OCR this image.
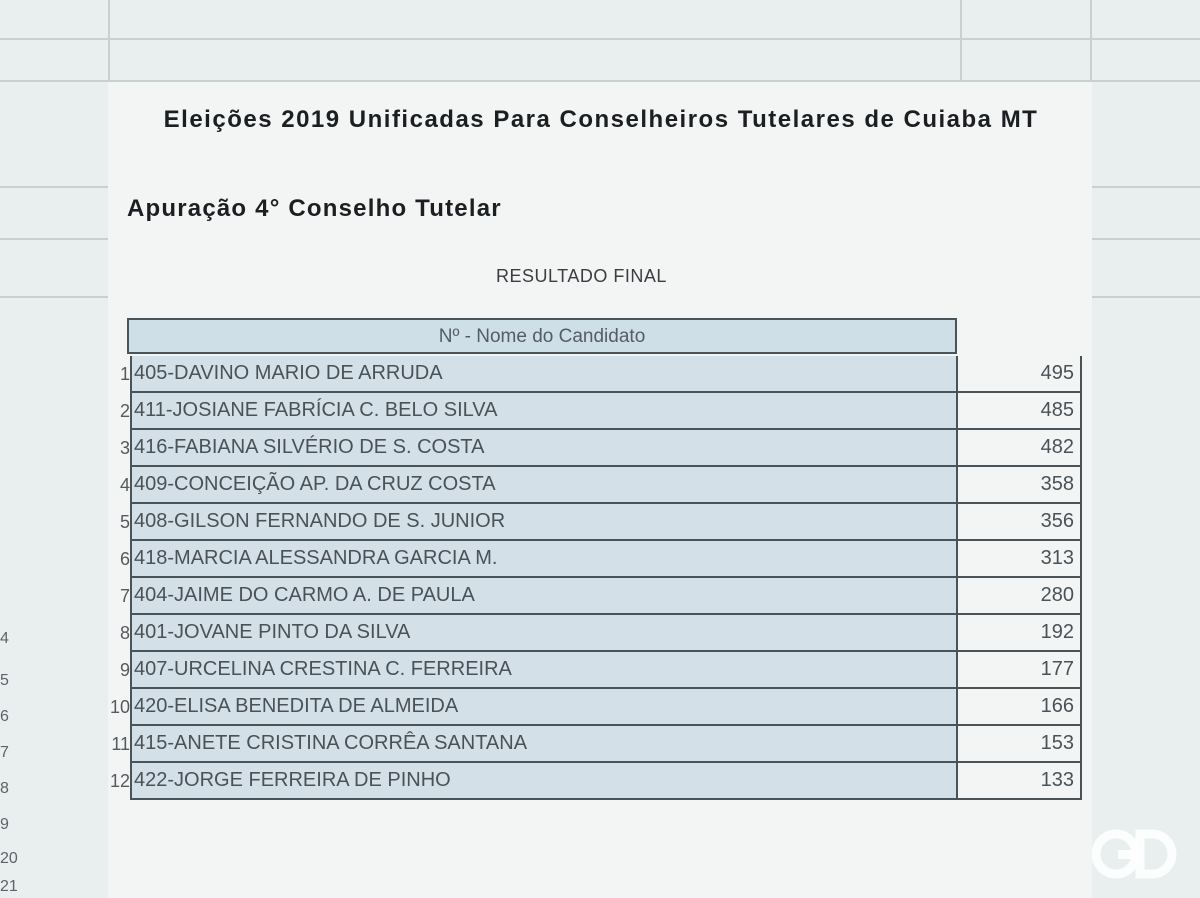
Eleições 2019 Unificadas Para Conselheiros Tutelares de Cuiaba MT
Apuração 4° Conselho Tutelar
RESULTADO FINAL
Nº - Nome do Candidato
1 405-DAVINO MARIO DE ARRUDA	495
2 411-JOSIANE FABRÍCIA C. BELO SILVA	485
3 416-FABIANA SILVÉRIO DE S. COSTA	482
4 409-CONCEIÇÃO AP. DA CRUZ COSTA	358
5 408-GILSON FERNANDO DE S. JUNIOR	356
6 418-MARCIA ALESSANDRA GARCIA M.	313
7 404-JAIME DO CARMO A. DE PAULA	280
8 401-JOVANE PINTO DA SILVA	192
9 407-URCELINA CRESTINA C. FERREIRA	177
10 420-ELISA BENEDITA DE ALMEIDA	166
11 415-ANETE CRISTINA CORRÊA SANTANA	153
12 422-JORGE FERREIRA DE PINHO	133
4
5
6
7
8
9
20
21
